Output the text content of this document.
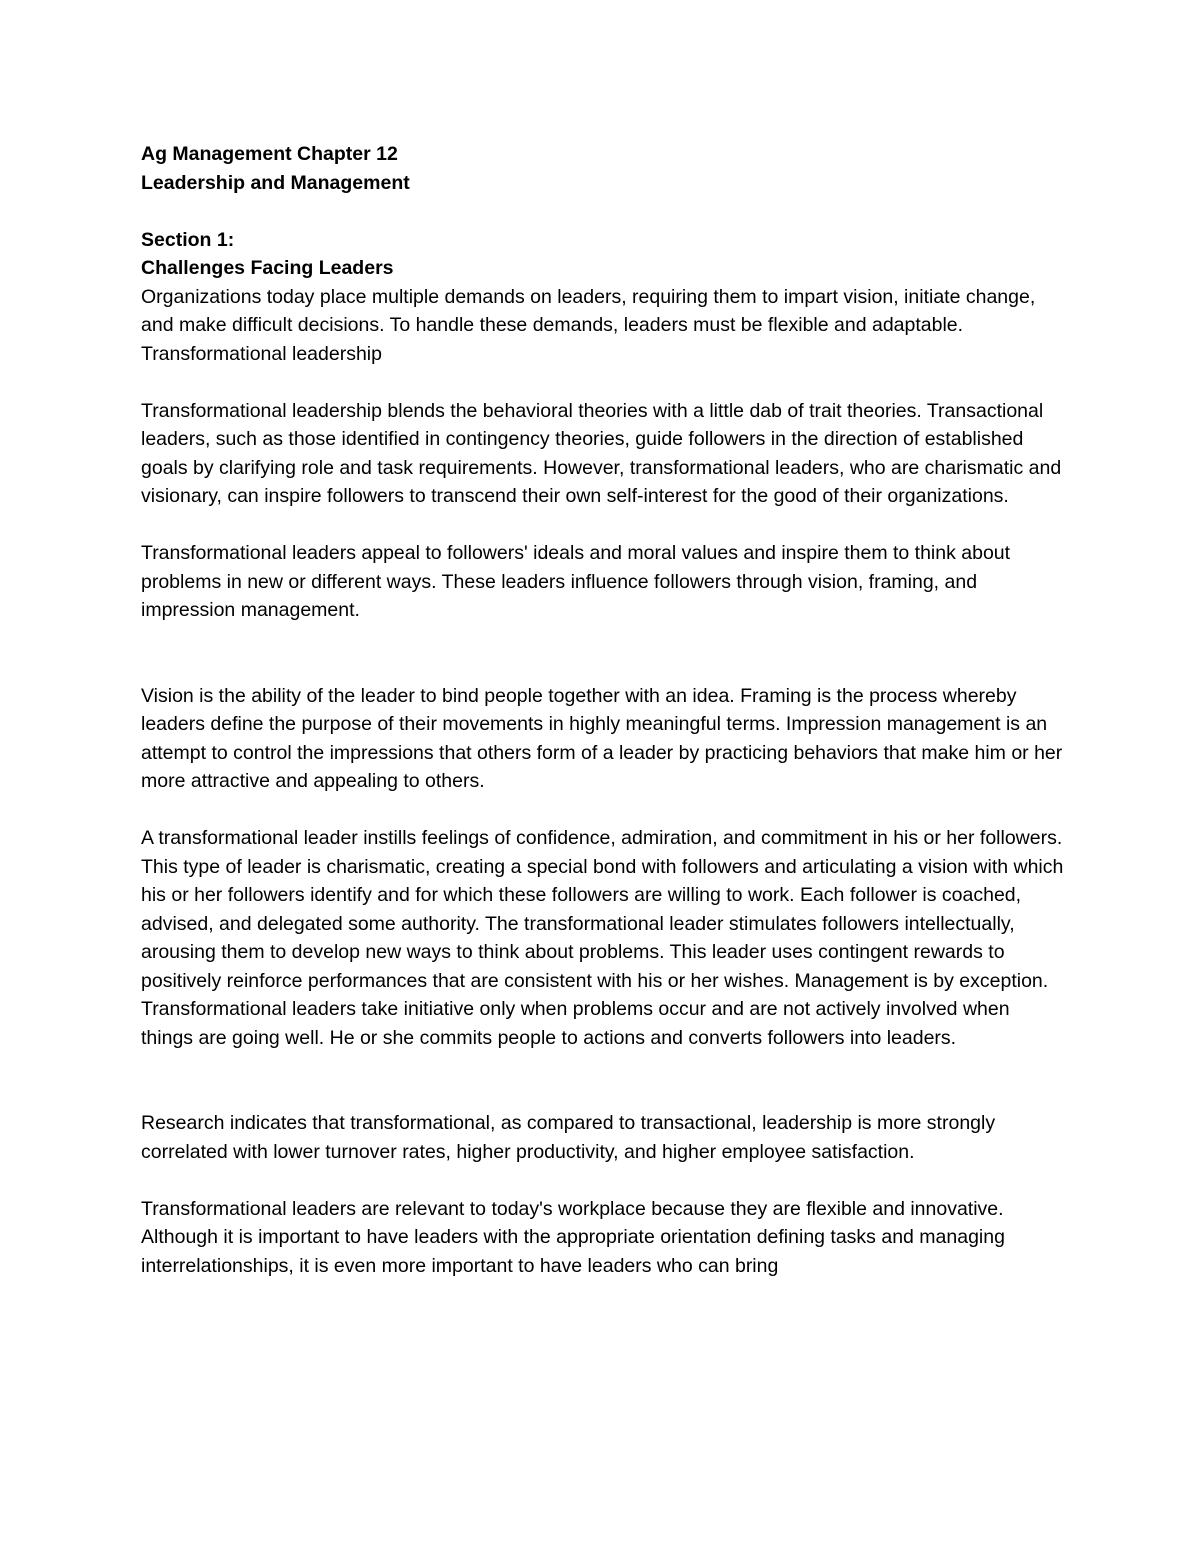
Ag Management Chapter 12

Leadership and Management

Section 1:

Challenges Facing Leaders

Organizations today place multiple demands on leaders, requiring them to impart vision, initiate change, and make difficult decisions. To handle these demands, leaders must be flexible and adaptable.

Transformational leadership

Transformational leadership blends the behavioral theories with a little dab of trait theories. Transactional leaders, such as those identified in contingency theories, guide followers in the direction of established goals by clarifying role and task requirements. However, transformational leaders, who are charismatic and visionary, can inspire followers to transcend their own self-interest for the good of their organizations.

Transformational leaders appeal to followers' ideals and moral values and inspire them to think about problems in new or different ways. These leaders influence followers through vision, framing, and impression management.

Vision is the ability of the leader to bind people together with an idea. Framing is the process whereby leaders define the purpose of their movements in highly meaningful terms. Impression management is an attempt to control the impressions that others form of a leader by practicing behaviors that make him or her more attractive and appealing to others.

A transformational leader instills feelings of confidence, admiration, and commitment in his or her followers. This type of leader is charismatic, creating a special bond with followers and articulating a vision with which his or her followers identify and for which these followers are willing to work. Each follower is coached, advised, and delegated some authority. The transformational leader stimulates followers intellectually, arousing them to develop new ways to think about problems. This leader uses contingent rewards to positively reinforce performances that are consistent with his or her wishes. Management is by exception. Transformational leaders take initiative only when problems occur and are not actively involved when things are going well. He or she commits people to actions and converts followers into leaders.

Research indicates that transformational, as compared to transactional, leadership is more strongly correlated with lower turnover rates, higher productivity, and higher employee satisfaction.

Transformational leaders are relevant to today's workplace because they are flexible and innovative. Although it is important to have leaders with the appropriate orientation defining tasks and managing interrelationships, it is even more important to have leaders who can bring
